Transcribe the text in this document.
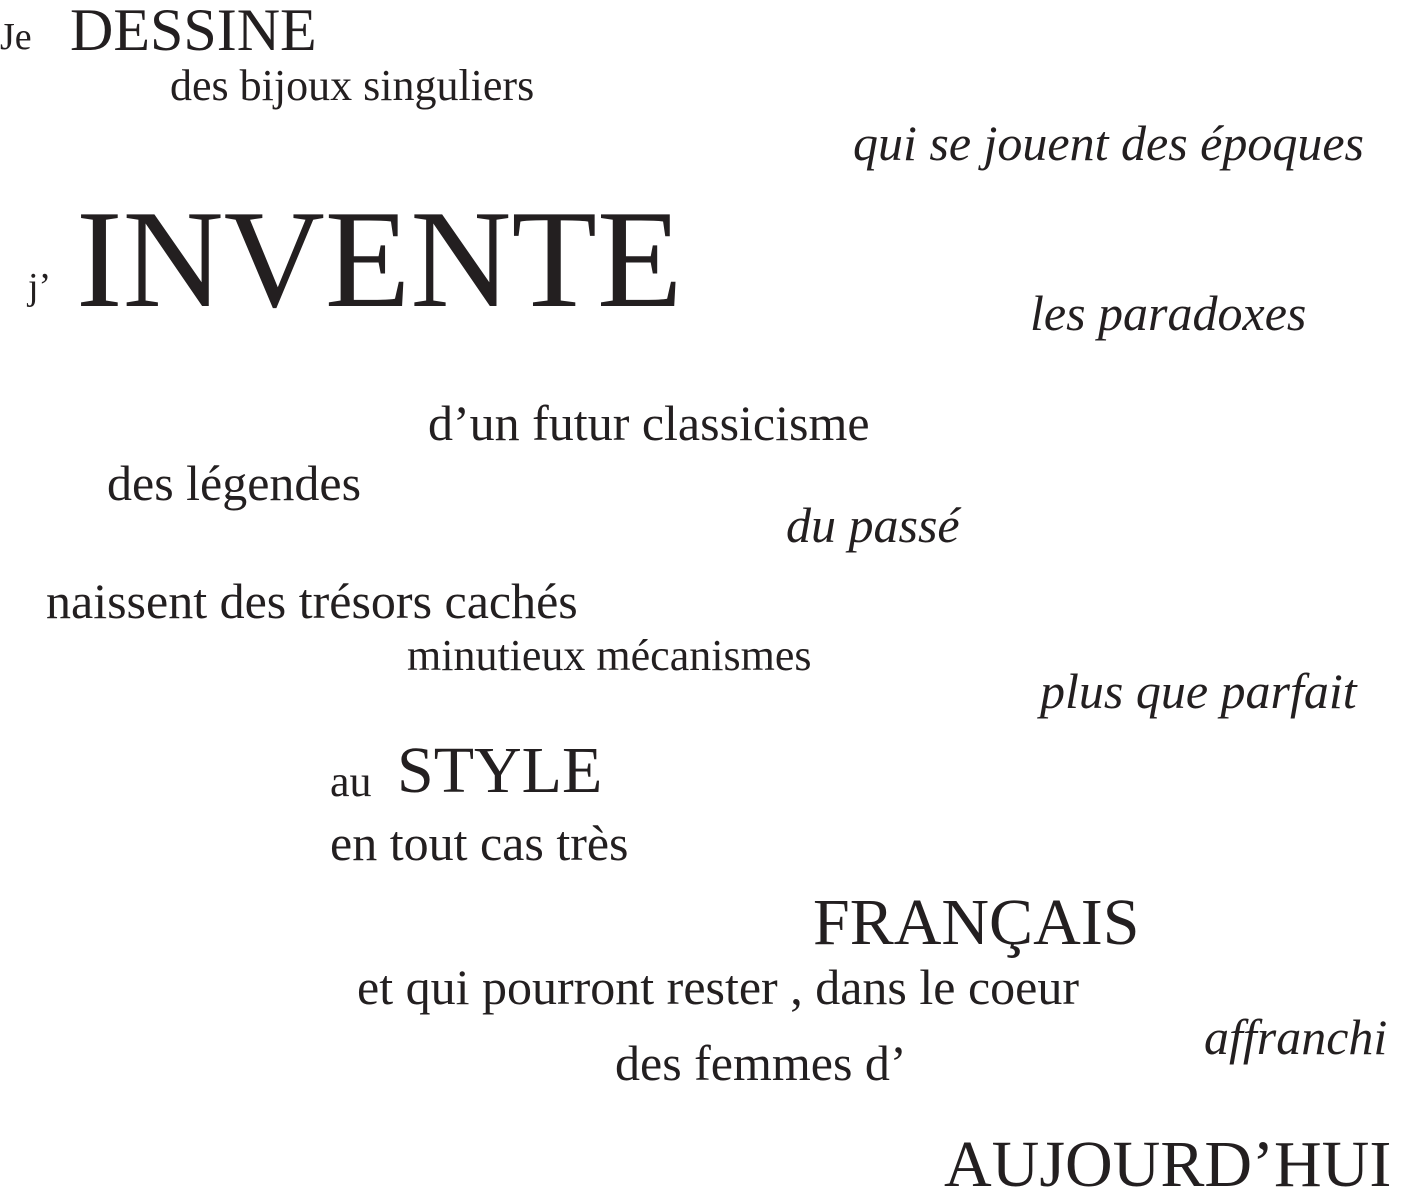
Je DESSINE
des bijoux singuliers
qui se jouent des époques
j’ INVENTE	les paradoxes
d’un futur classicisme
des légendes
du passé
naissent des trésors cachés
minutieux mécanismes
plus que parfait
au STYLE
en tout cas très
FRANÇAIS
et qui pourront rester , dans le coeur
affranchi
des femmes d’
AUJOURD’HUI
